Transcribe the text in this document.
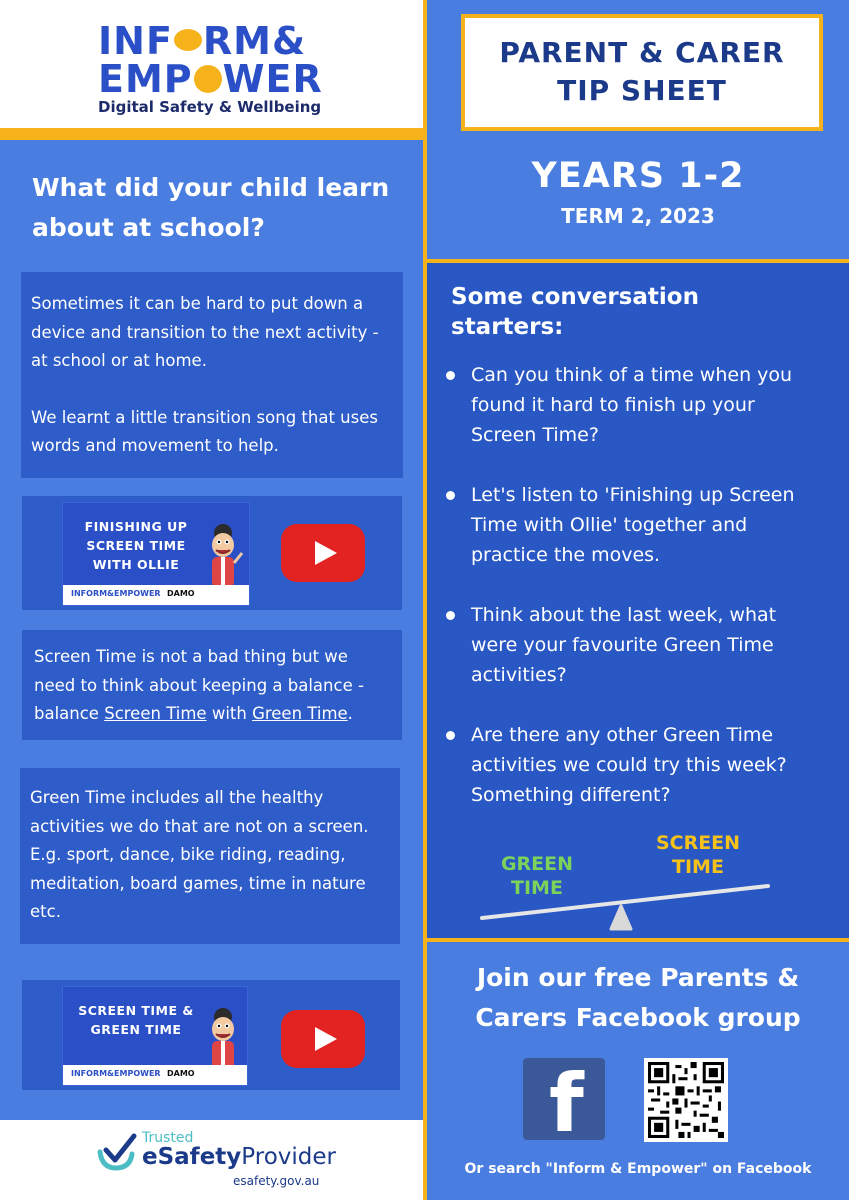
INF RM&
EMP WER
Digital Safety & Wellbeing
What did your child learn about at school?

Sometimes it can be hard to put down a device and transition to the next activity - at school or at home.

We learnt a little transition song that uses words and movement to help.

FINISHING UP SCREEN TIME WITH OLLIE
INFORM&EMPOWER DAMO

Screen Time is not a bad thing but we need to think about keeping a balance - balance Screen Time with Green Time.

Green Time includes all the healthy activities we do that are not on a screen. E.g. sport, dance, bike riding, reading, meditation, board games, time in nature etc.

SCREEN TIME & GREEN TIME
INFORM&EMPOWER DAMO
Trusted
eSafetyProvider
esafety.gov.au
PARENT & CARER
TIP SHEET
YEARS 1-2
TERM 2, 2023
Some conversation starters:
Can you think of a time when you found it hard to finish up your Screen Time?
Let's listen to 'Finishing up Screen Time with Ollie' together and practice the moves.
Think about the last week, what were your favourite Green Time activities?
Are there any other Green Time activities we could try this week? Something different?
GREEN TIME
SCREEN TIME
Join our free Parents & Carers Facebook group
f
Or search "Inform & Empower" on Facebook
